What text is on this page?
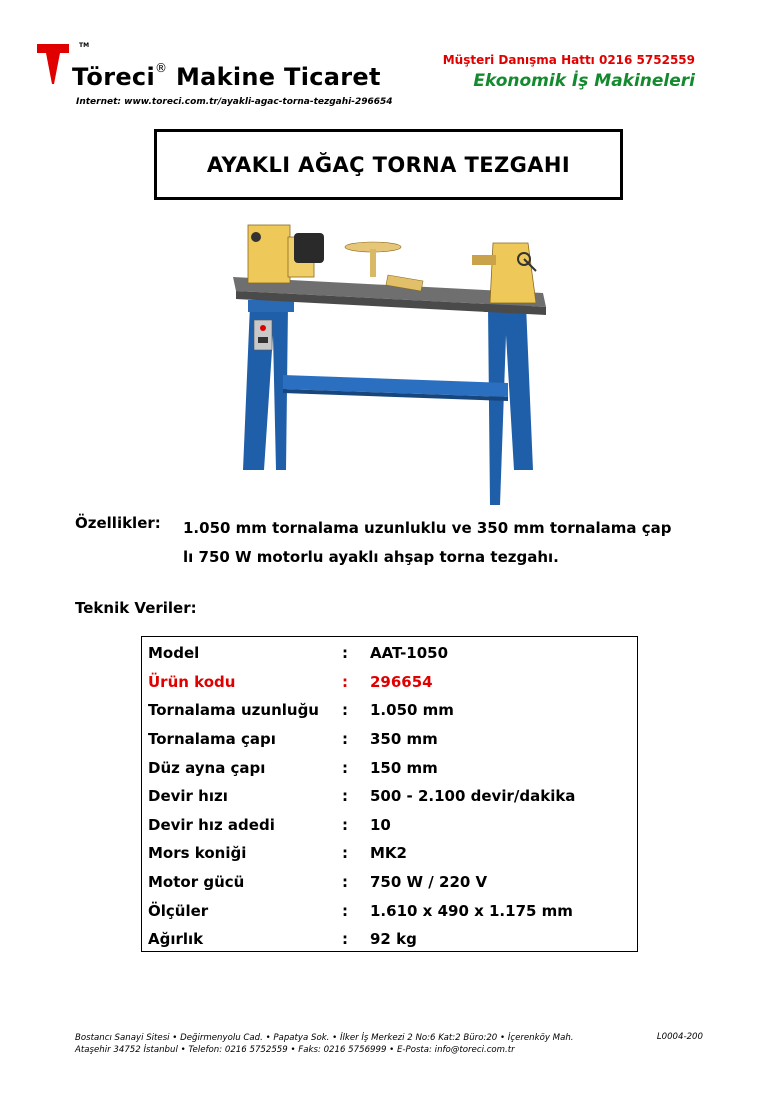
TM
Töreci® Makine Ticaret
Internet: www.toreci.com.tr/ayakli-agac-torna-tezgahi-296654
Müşteri Danışma Hattı 0216 5752559
Ekonomik İş Makineleri
AYAKLI AĞAÇ TORNA TEZGAHI
Özellikler: 1.050 mm tornalama uzunluklu ve 350 mm tornalama çap
lı 750 W motorlu ayaklı ahşap torna tezgahı.
Teknik Veriler:
Model	:	AAT-1050
Ürün kodu	:	296654
Tornalama uzunluğu	:	1.050 mm
Tornalama çapı	:	350 mm
Düz ayna çapı	:	150 mm
Devir hızı	:	500 - 2.100 devir/dakika
Devir hız adedi	:	10
Mors koniği	:	MK2
Motor gücü	:	750 W / 220 V
Ölçüler	:	1.610 x 490 x 1.175 mm
Ağırlık	:	92 kg
Bostancı Sanayi Sitesi • Değirmenyolu Cad. • Papatya Sok. • İlker İş Merkezi 2 No:6 Kat:2 Büro:20 • İçerenköy Mah.
Ataşehir 34752 İstanbul • Telefon: 0216 5752559 • Faks: 0216 5756999 • E-Posta: info@toreci.com.tr
L0004-200
